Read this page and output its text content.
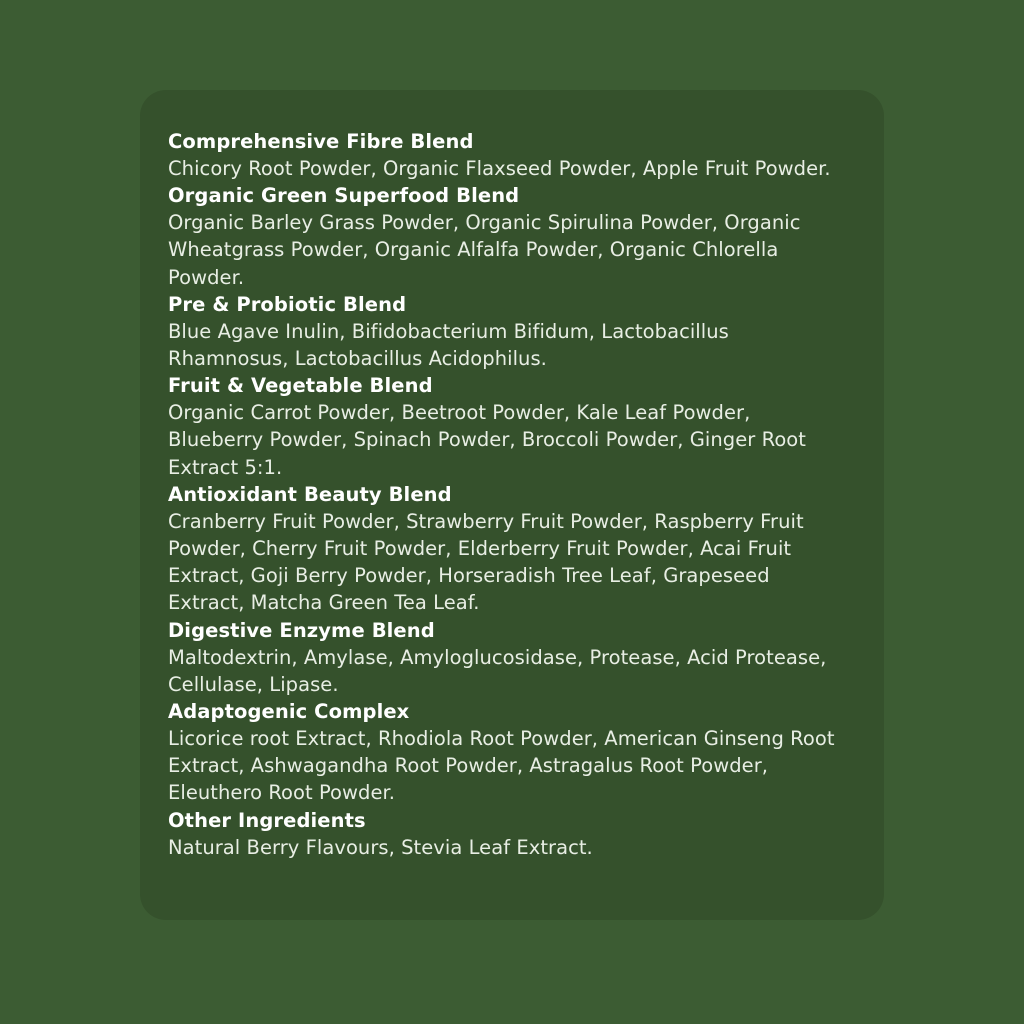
Comprehensive Fibre Blend
Chicory Root Powder, Organic Flaxseed Powder, Apple Fruit Powder.
Organic Green Superfood Blend
Organic Barley Grass Powder, Organic Spirulina Powder, Organic Wheatgrass Powder, Organic Alfalfa Powder, Organic Chlorella Powder.
Pre & Probiotic Blend
Blue Agave Inulin, Bifidobacterium Bifidum, Lactobacillus Rhamnosus, Lactobacillus Acidophilus.
Fruit & Vegetable Blend
Organic Carrot Powder, Beetroot Powder, Kale Leaf Powder, Blueberry Powder, Spinach Powder, Broccoli Powder, Ginger Root Extract 5:1.
Antioxidant Beauty Blend
Cranberry Fruit Powder, Strawberry Fruit Powder, Raspberry Fruit Powder, Cherry Fruit Powder, Elderberry Fruit Powder, Acai Fruit Extract, Goji Berry Powder, Horseradish Tree Leaf, Grapeseed Extract, Matcha Green Tea Leaf.
Digestive Enzyme Blend
Maltodextrin, Amylase, Amyloglucosidase, Protease, Acid Protease, Cellulase, Lipase.
Adaptogenic Complex
Licorice root Extract, Rhodiola Root Powder, American Ginseng Root Extract, Ashwagandha Root Powder, Astragalus Root Powder, Eleuthero Root Powder.
Other Ingredients
Natural Berry Flavours, Stevia Leaf Extract.
